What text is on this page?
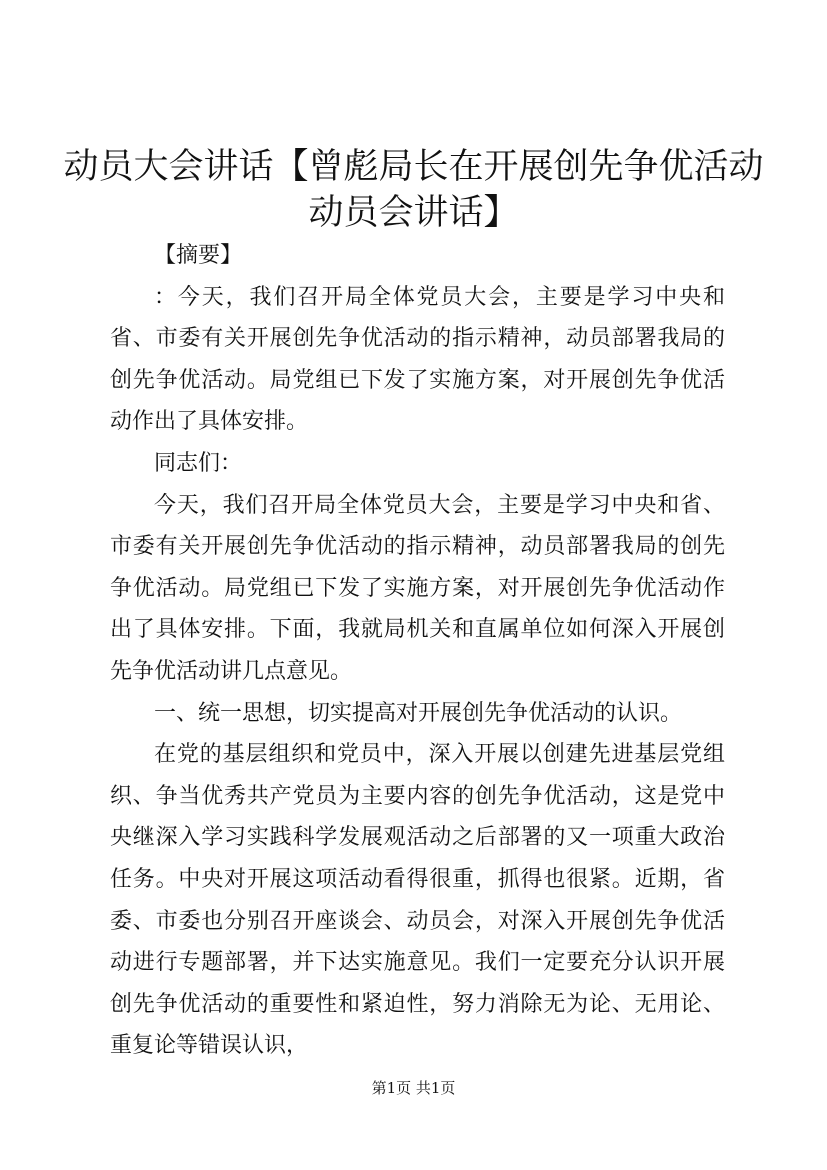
动员大会讲话【曾彪局长在开展创先争优活动
动员会讲话】

【摘要】

：今天，我们召开局全体党员大会，主要是学习中央和省、市委有关开展创先争优活动的指示精神，动员部署我局的创先争优活动。局党组已下发了实施方案，对开展创先争优活动作出了具体安排。

同志们：

今天，我们召开局全体党员大会，主要是学习中央和省、市委有关开展创先争优活动的指示精神，动员部署我局的创先争优活动。局党组已下发了实施方案，对开展创先争优活动作出了具体安排。下面，我就局机关和直属单位如何深入开展创先争优活动讲几点意见。

一、统一思想，切实提高对开展创先争优活动的认识。

在党的基层组织和党员中，深入开展以创建先进基层党组织、争当优秀共产党员为主要内容的创先争优活动，这是党中央继深入学习实践科学发展观活动之后部署的又一项重大政治任务。中央对开展这项活动看得很重，抓得也很紧。近期，省委、市委也分别召开座谈会、动员会，对深入开展创先争优活动进行专题部署，并下达实施意见。我们一定要充分认识开展创先争优活动的重要性和紧迫性，努力消除无为论、无用论、重复论等错误认识，

第1页 共1页
